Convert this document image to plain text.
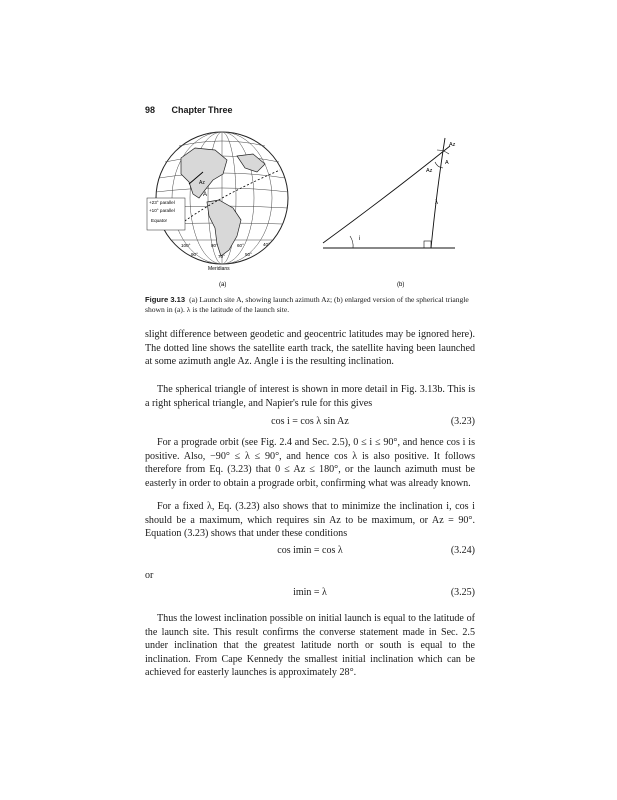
98 Chapter Three
+23° parallel
+10° parallel
Equator
A
Az
100°
90°
80°
70°
60°
50°
40°
Meridians
(a)
Az
A
Az
λ
i
(b)
Figure 3.13 (a) Launch site A, showing launch azimuth Az; (b) enlarged version of the spherical triangle shown in (a). λ is the latitude of the launch site.

slight difference between geodetic and geocentric latitudes may be ignored here). The dotted line shows the satellite earth track, the satellite having been launched at some azimuth angle Az. Angle i is the resulting inclination.

The spherical triangle of interest is shown in more detail in Fig. 3.13b. This is a right spherical triangle, and Napier's rule for this gives

cos i = cos λ sin Az	(3.23)

For a prograde orbit (see Fig. 2.4 and Sec. 2.5), 0 ≤ i ≤ 90°, and hence cos i is positive. Also, −90° ≤ λ ≤ 90°, and hence cos λ is also positive. It follows therefore from Eq. (3.23) that 0 ≤ Az ≤ 180°, or the launch azimuth must be easterly in order to obtain a prograde orbit, confirming what was already known.

For a fixed λ, Eq. (3.23) also shows that to minimize the inclination i, cos i should be a maximum, which requires sin Az to be maximum, or Az = 90°. Equation (3.23) shows that under these conditions

cos imin = cos λ	(3.24)
or
imin = λ	(3.25)

Thus the lowest inclination possible on initial launch is equal to the latitude of the launch site. This result confirms the converse statement made in Sec. 2.5 under inclination that the greatest latitude north or south is equal to the inclination. From Cape Kennedy the smallest initial inclination which can be achieved for easterly launches is approximately 28°.
